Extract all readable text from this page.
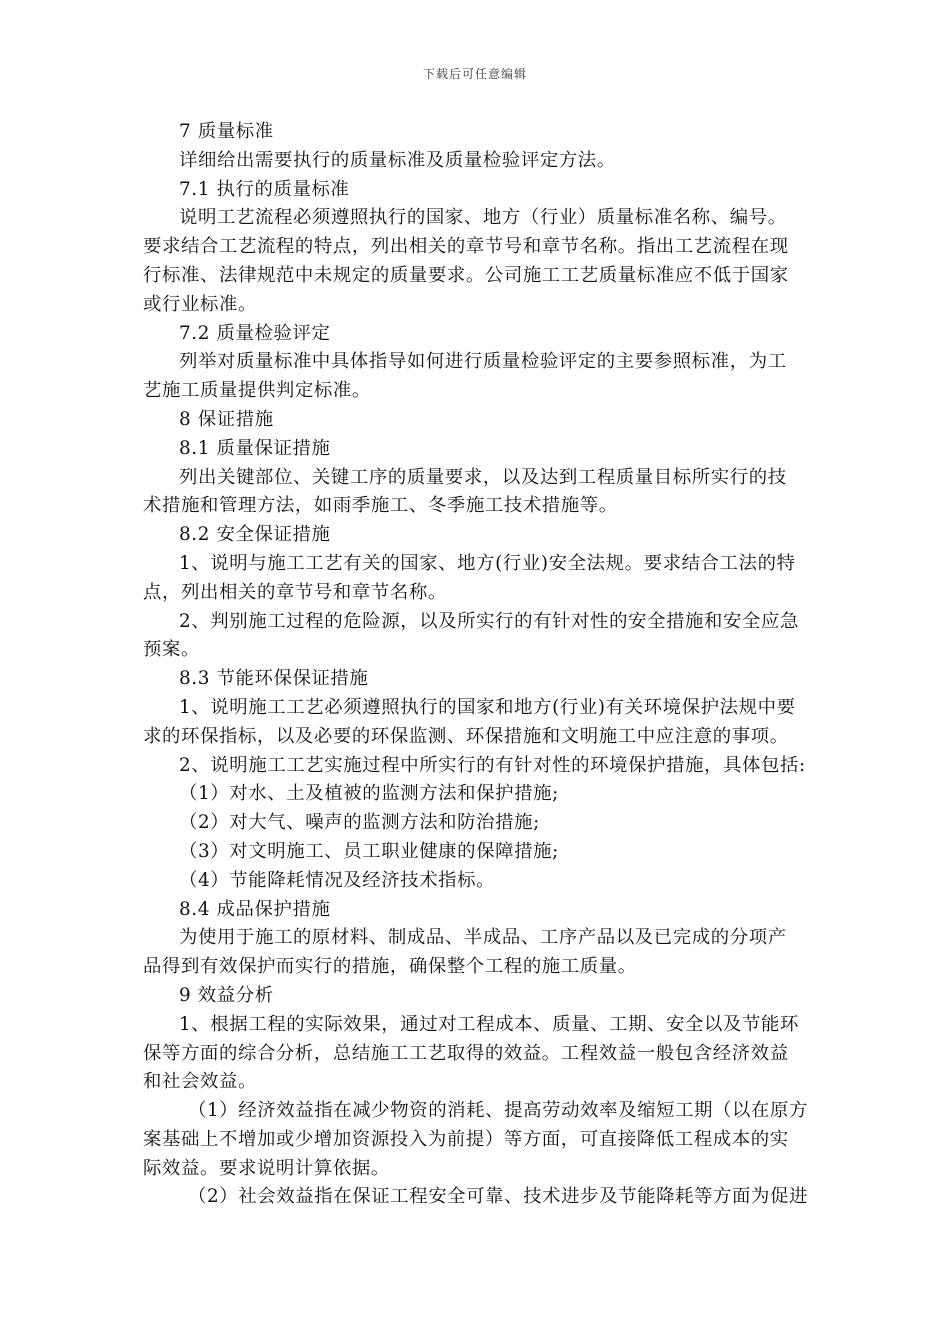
下载后可任意编辑
7 质量标准
详细给出需要执行的质量标准及质量检验评定方法。
7.1 执行的质量标准
说明工艺流程必须遵照执行的国家、地方（行业）质量标准名称、编号。
要求结合工艺流程的特点，列出相关的章节号和章节名称。指出工艺流程在现
行标准、法律规范中未规定的质量要求。公司施工工艺质量标准应不低于国家
或行业标准。
7.2 质量检验评定
列举对质量标准中具体指导如何进行质量检验评定的主要参照标准，为工
艺施工质量提供判定标准。
8 保证措施
8.1 质量保证措施
列出关键部位、关键工序的质量要求，以及达到工程质量目标所实行的技
术措施和管理方法，如雨季施工、冬季施工技术措施等。
8.2 安全保证措施
1、说明与施工工艺有关的国家、地方(行业)安全法规。要求结合工法的特
点，列出相关的章节号和章节名称。
2、判别施工过程的危险源，以及所实行的有针对性的安全措施和安全应急
预案。
8.3 节能环保保证措施
1、说明施工工艺必须遵照执行的国家和地方(行业)有关环境保护法规中要
求的环保指标，以及必要的环保监测、环保措施和文明施工中应注意的事项。
2、说明施工工艺实施过程中所实行的有针对性的环境保护措施，具体包括:
（1）对水、土及植被的监测方法和保护措施;
（2）对大气、噪声的监测方法和防治措施;
（3）对文明施工、员工职业健康的保障措施;
（4）节能降耗情况及经济技术指标。
8.4 成品保护措施
为使用于施工的原材料、制成品、半成品、工序产品以及已完成的分项产
品得到有效保护而实行的措施，确保整个工程的施工质量。
9 效益分析
1、根据工程的实际效果，通过对工程成本、质量、工期、安全以及节能环
保等方面的综合分析，总结施工工艺取得的效益。工程效益一般包含经济效益
和社会效益。
（1）经济效益指在减少物资的消耗、提高劳动效率及缩短工期（以在原方
案基础上不增加或少增加资源投入为前提）等方面，可直接降低工程成本的实
际效益。要求说明计算依据。
（2）社会效益指在保证工程安全可靠、技术进步及节能降耗等方面为促进
